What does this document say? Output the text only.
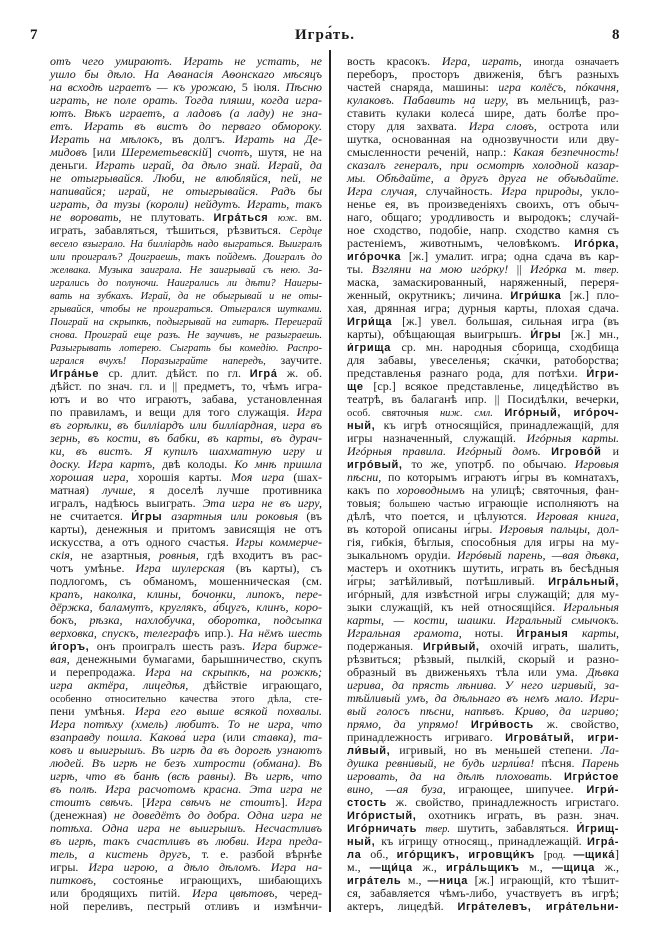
7	Игра́ть.	8
отъ чего умираютъ. Играть не устать, не
ушло бы дѣло. На Аѳанасія Аѳонскаго мѣсяцъ
на всходѣ играетъ — къ урожаю, 5 іюля. Пѣсню
играть, не поле орать. Тогда пляши, когда игра-
ютъ. Вѣкъ играетъ, а ладовъ (а ладу) не зна-
етъ. Играть въ вистъ до перваго обмороку.
Играть на мѣлокъ, въ долгъ. Играть на Де-
мидовъ [или Шереметьевскій] счотъ, шутя, не на
деньги. Играть играй, да дѣло знай. Играй, да
не отыгрывайся. Люби, не влюбляйся, пей, не
напивайся; играй, не отыгрывайся. Радъ бы
играть, да тузы (короли) нейдутъ. Играть, такъ
не воровать, не плутовать. Игра́ться юж. вм.
играть, забавляться, тѣшиться, рѣзвиться. Сердце
весело взыграло. На билліардѣ надо выграться. Выигралъ
или проигралъ? Доиграешь, такъ пойдемъ. Доигралъ до
желвака. Музыка заиграла. Не заигрывай съ нею. За-
игрались до полуночи. Наигрались ли дѣти? Наигры-
вать на зубкахъ. Играй, да не обыгрывай и не оты-
грывайся, чтобы не проиграться. Отыгрался шутками.
Поиграй на скрыпкѣ, подыгрывай на гитарѣ. Переиграй
снова. Проиграй еще разъ. Не заучивъ, не разыграешь.
Разыгрывать лотерею. Сыграть бы комедію. Распро-
игрался вчухъ! Поразыграйте напередъ, заучите.
Игра́нье ср. длит. дѣйст. по гл. Игра́ ж. об.
дѣйст. по знач. гл. и || предметъ, то, чѣмъ игра-
ютъ и во что играютъ, забава, установленная
по правиламъ, и вещи для того служащія. Игра
въ горѣлки, въ билліардъ или билліардная, игра въ
зернь, въ кости, въ бабки, въ карты, въ дурач-
ки, въ вистъ. Я купилъ шахматную игру и
доску. Игра картъ, двѣ колоды. Ко мнѣ пришла
хорошая игра, хорошія карты. Моя игра (шах-
матная) лучше, я доселѣ лучше противника
игралъ, надѣюсь выиграть. Эта игра не въ игру,
не считается. И́гры азартныя или роковыя (въ
карты), денежныя и притомъ зависящія не отъ
искусства, а отъ одного счастья. Игры коммерче-
скія, не азартныя, ровныя, гдѣ входитъ въ рас-
чотъ умѣнье. Игра шулерская (въ карты), съ
подлогомъ, съ обманомъ, мошенническая (см.
крапъ, наколка, клины, бочонки, липокъ, пере-
дёржка, баламутъ, круглякъ, а́бцугъ, клинъ, коро-
бокъ, рѣзка, нахлобучка, оборотка, подсыпка
верховка, спускъ, телеграфъ ипр.). На нёмъ шесть
и́горъ, онъ проигралъ шесть разъ. Игра бирже-
вая, денежными бумагами, барышничество, скупъ
и перепродажа. Игра на скрыпкѣ, на рожкѣ;
игра актёра, лицедѣя, дѣйствіе играющаго,
особенно относительно качества этого дѣла, сте-
пени умѣнья. Игра его выше всякой похвалы.
Игра потѣху (хмель) любитъ. То не игра, что
взаправду пошла. Какова́ игра (или ставка), та-
ковъ и выигрышъ. Въ игрѣ да въ дорогѣ узнаютъ
людей. Въ игрѣ не безъ хитрости (обмана). Въ
игрѣ, что въ банѣ (всѣ равны). Въ игрѣ, что
въ полѣ. Игра расчотомъ красна. Эта игра не
стоитъ свѣчъ. [Игра свѣчъ не стоитъ]. Игра
(денежная) не доведётъ до добра. Одна игра не
потѣха. Одна игра не выигрышъ. Несчастливъ
въ игрѣ, такъ счастливъ въ любви. Игра преда-
тель, а кистень другъ, т. е. разбой вѣрнѣе
игры. Игра игрою, а дѣло дѣломъ. Игра на-
питковъ, состоянье играющихъ, шибающихъ
или бродящихъ питій. Игра цвѣтовъ, черед-
ной переливъ, пестрый отливъ и измѣнчи-
вость красокъ. Игра, играть, иногда означаетъ
переборъ, просторъ движенія, бѣгъ разныхъ
частей снаряда, машины: игра колёсъ, пóкачня,
кулаковъ. Пабавить на игру, въ мельницѣ, раз-
ставить кулаки колеса́ шире, дать болѣе про-
стору для захвата. Игра словъ, острота или
шутка, основанная на однозвучности или дву-
смысленности реченій, напр.: Какая безпечность!
сказалъ генералъ, при осмотрѣ холодной казар-
мы. Обѣдайте, а другъ друга не объѣдайте.
Игра случая, случайность. Игра природы, укло-
ненье ея, въ произведеніяхъ своихъ, отъ обыч-
наго, общаго; уродливость и выродокъ; случай-
ное сходство, подобіе, напр. сходство камня съ
растеніемъ, животнымъ, человѣкомъ. Игóрка,
игóрочка [ж.] умалит. игра; одна сдача въ кар-
ты. Взгляни на мою игóрку! || Игóрка м. твер.
маска, замаскированный, наряженный, переря-
женный, окрутникъ; личина. Игри́шка [ж.] пло-
хая, дрянная игра; дурныя карты, плохая сдача.
Игри́ща [ж.] увел. большая, сильная игра (въ
карты), обѣщающая выигрышъ. И́гры [ж.] мн.,
и́грища ср. мн. народныя сборища, сходбища
для забавы, увеселенья; ска́чки, ратоборства;
представленья разнаго рода, для потѣхи. И́гри-
ще [ср.] всякое представленье, лицедѣйство въ
театрѣ, въ балаганѣ ипр. || Посидѣлки, вечерки,
особ. святочныя ниж. смл. Игóрный, игóроч-
ный, къ игрѣ относящійся, принадлежащій, для
игры назначенный, служащій. Игóрныя карты.
Игóрныя правила. Игóрный домъ. Игровóй и
игрóвый, то же, употрб. по обычаю. Игровыя
пѣсни, по которымъ играютъ и́гры въ комнатахъ,
какъ по хороводнымъ на улицѣ; святочныя, фан-
товыя; большею частью играющіе исполняютъ на
дѣлѣ, что поется, и цѣлуются. Игровая книга,
въ которой описаны и́гры. Игровыя пальцы, дол-
гія, гибкія, бѣглыя, способныя для игры на му-
зыкальномъ орудіи. Игрóвый парень, —вая дѣвка,
мастеръ и охотникъ шутить, играть въ бесѣдныя
и́гры; затѣйливый, потѣшливый. Игра́льный,
игóрный, для извѣстной игры служащій; для му-
зыки служащій, къ ней относящійся. Игральныя
карты, — кости, шашки. Игральный смычокъ.
Игральная грамота, ноты. И́граныя карты,
подержаныя. Игри́вый, охочій играть, шалить,
рѣзвиться; рѣзвый, пылкій, скорый и разно-
образный въ движеньяхъ тѣла или ума. Дѣвка
игрива, да прясть лѣнива. У него игривый, за-
тѣйливый умъ, да дѣльнаго въ немъ мало. Игри-
вый голосъ пѣсни, напѣвъ. Криво, да игриво;
прямо, да упрямо! Игри́вость ж. свойство,
принадлежность игриваго. Игрова́тый, игри-
ли́вый, игривый, но въ меньшей степени. Ла-
душка ревни́вый, не будь игрли́ва! пѣсня. Парень
игровать, да на дѣлѣ плоховать. Игри́стое
вино, —ая буза, играющее, шипучее. Игри́-
стость ж. свойство, принадлежность игристаго.
Игóристый, охотникъ играть, въ разн. знач.
Игóрничать твер. шутить, забавляться. И́грищ-
ный, къ и́грищу относящ., принадлежащій. Игра́-
ла об., игóрщикъ, игровщи́къ [род. —щика́]
м., —щи́ца ж., игра́льщикъ м., —щица ж.,
игра́тель м., —ница [ж.] играющій, кто тѣшит-
ся, забавляется чѣмъ-либо, участвуетъ въ игрѣ;
актеръ, лицедѣй. Игра́телевъ, игра́тельни-
